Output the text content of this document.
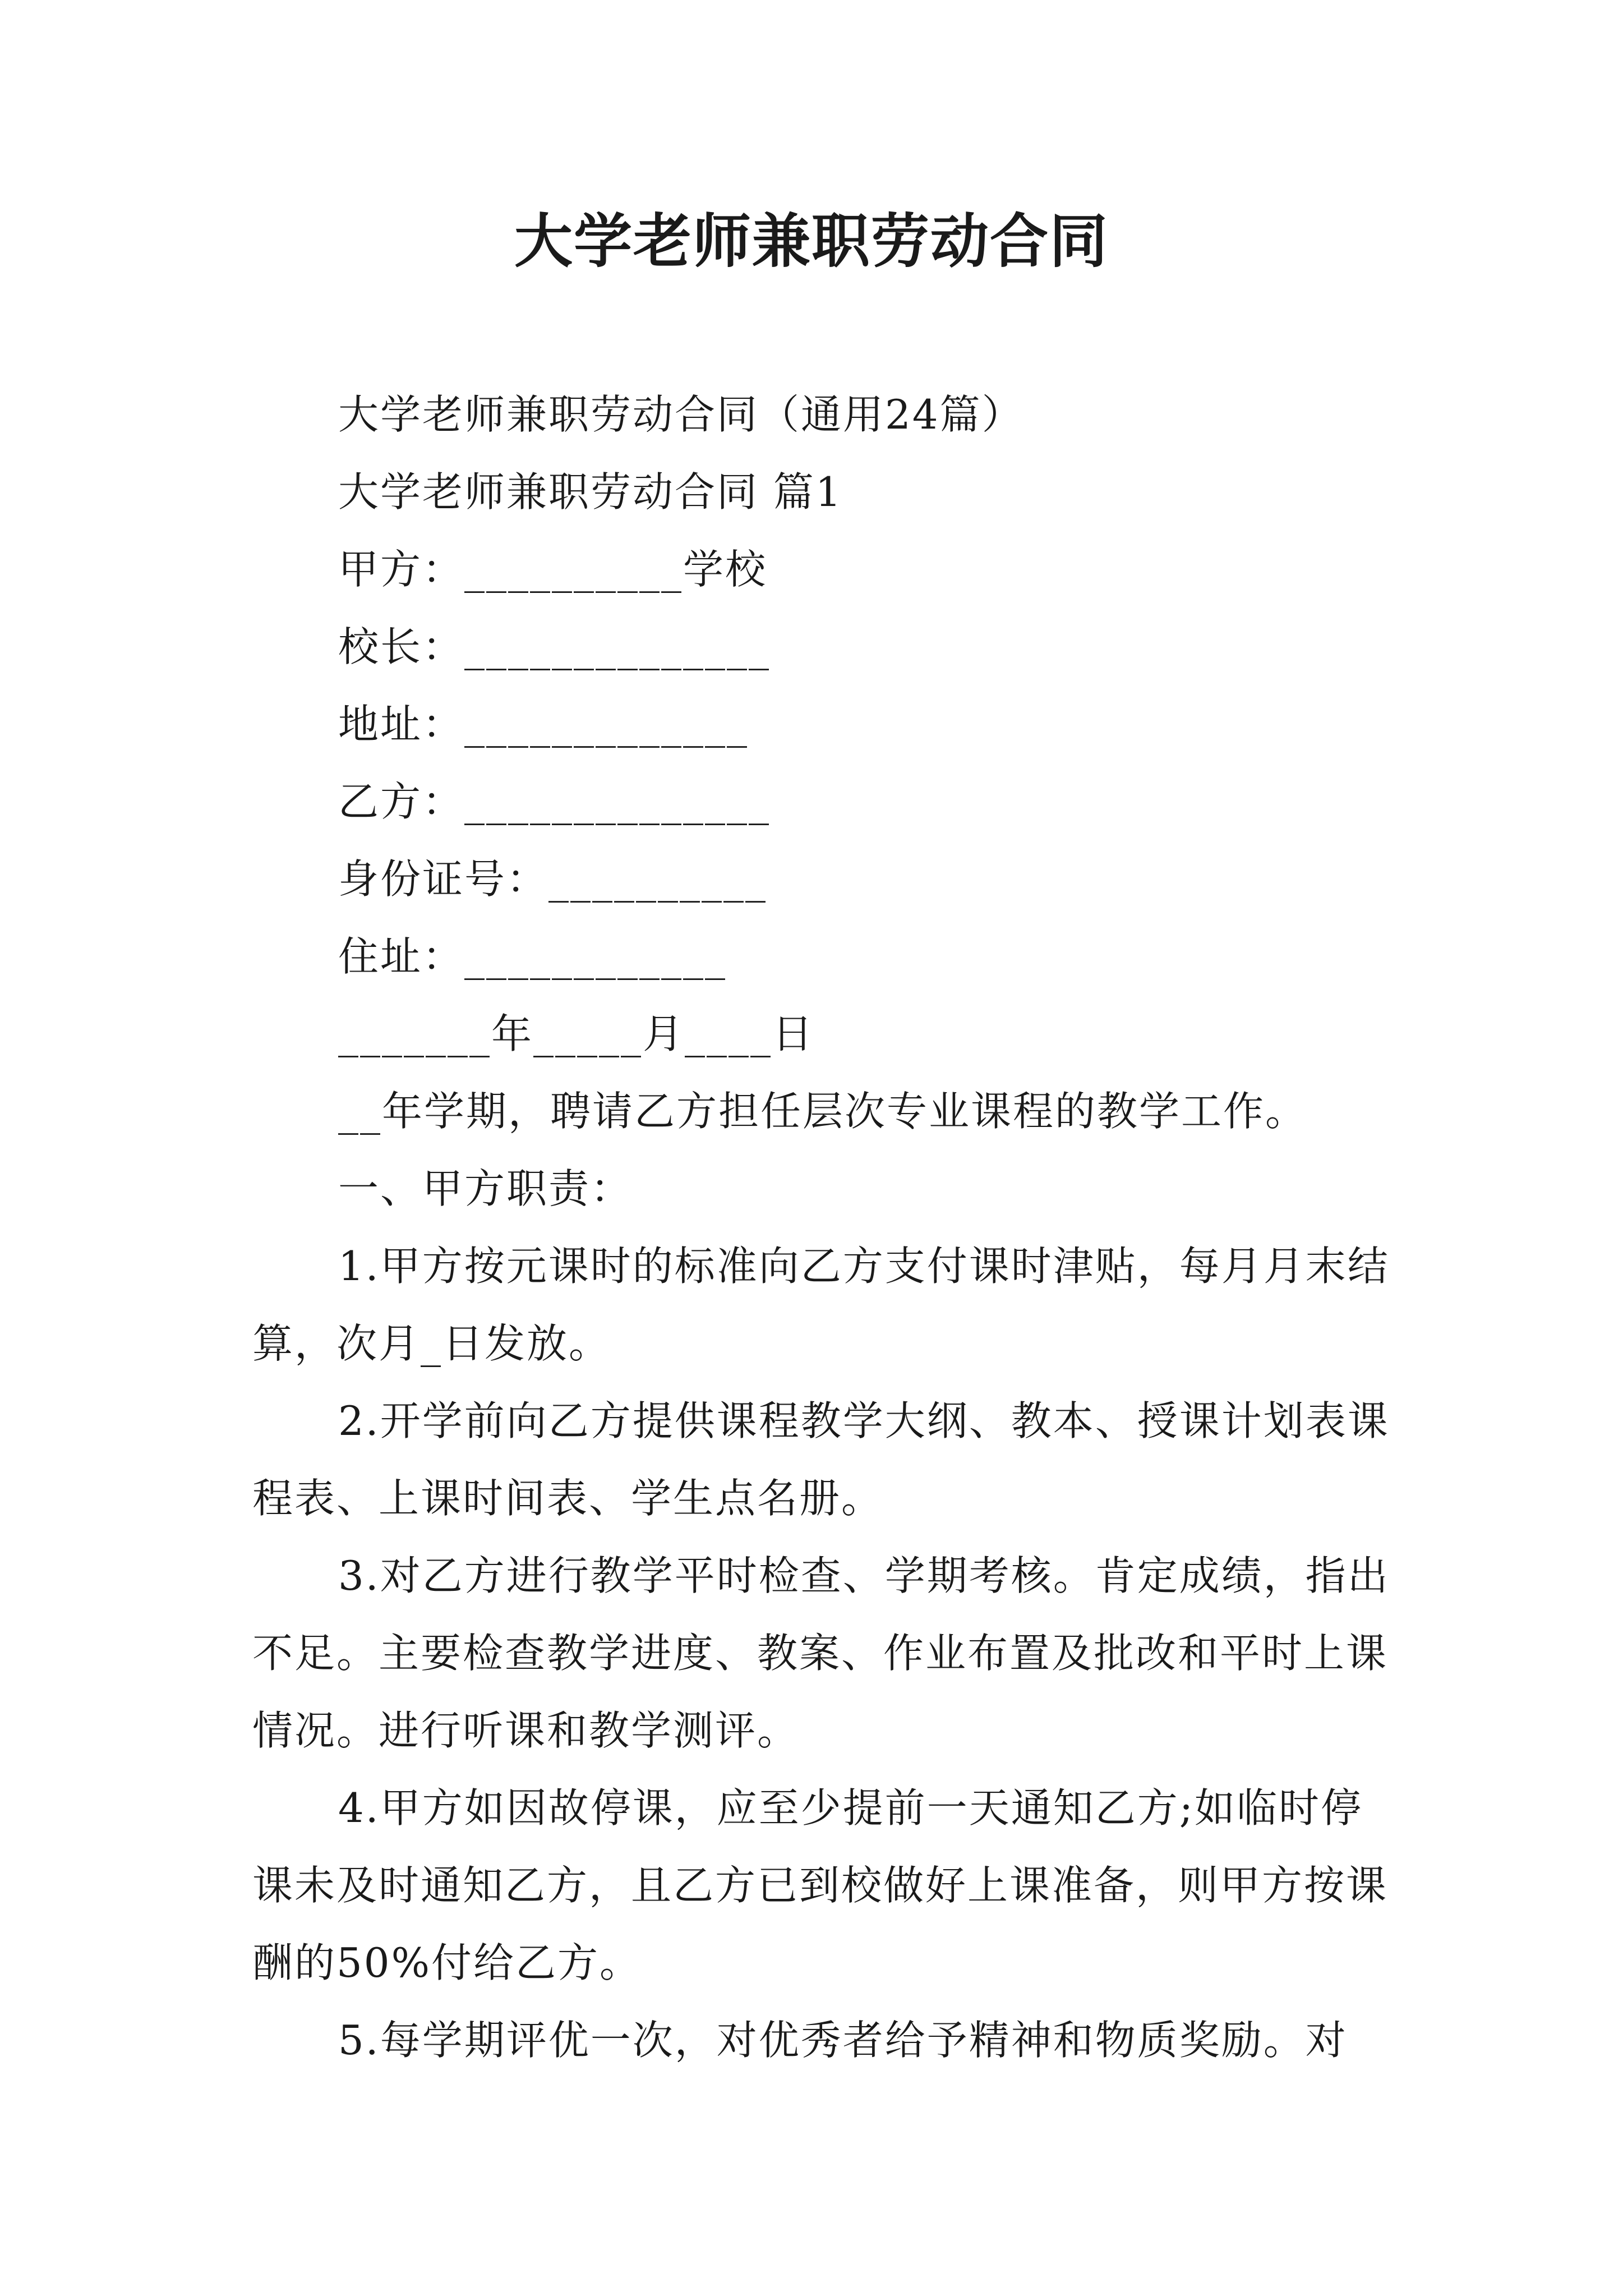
大学老师兼职劳动合同

大学老师兼职劳动合同（通用24篇）

大学老师兼职劳动合同 篇1

甲方：__________学校

校长：______________

地址：_____________

乙方：______________

身份证号：__________

住址：____________

_______年_____月____日

__年学期，聘请乙方担任层次专业课程的教学工作。

一、甲方职责：

1.甲方按元课时的标准向乙方支付课时津贴，每月月末结算，次月_日发放。

2.开学前向乙方提供课程教学大纲、教本、授课计划表课程表、上课时间表、学生点名册。

3.对乙方进行教学平时检查、学期考核。肯定成绩，指出不足。主要检查教学进度、教案、作业布置及批改和平时上课情况。进行听课和教学测评。

4.甲方如因故停课，应至少提前一天通知乙方;如临时停课未及时通知乙方，且乙方已到校做好上课准备，则甲方按课酬的50%付给乙方。

5.每学期评优一次，对优秀者给予精神和物质奖励。对
